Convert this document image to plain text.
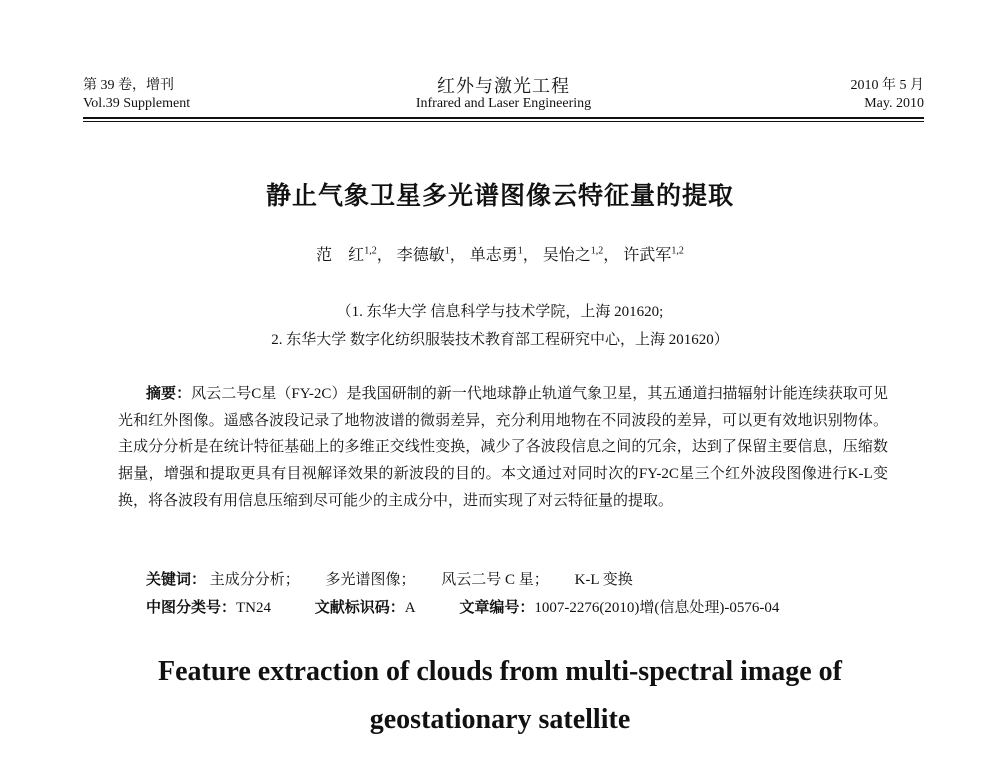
第 39 卷，增刊
Vol.39 Supplement
红外与激光工程
Infrared and Laser Engineering
2010 年 5 月
May. 2010
静止气象卫星多光谱图像云特征量的提取
范　红$^{1,2}$， 李德敏$^1$， 单志勇$^1$， 吴怡之$^{1,2}$， 许武军$^{1,2}$
（1. 东华大学 信息科学与技术学院，上海 201620;
2. 东华大学 数字化纺织服装技术教育部工程研究中心，上海 201620）
摘要：风云二号C星（FY-2C）是我国研制的新一代地球静止轨道气象卫星，其五通道扫描辐射计能连续获取可见光和红外图像。遥感各波段记录了地物波谱的微弱差异，充分利用地物在不同波段的差异，可以更有效地识别物体。主成分分析是在统计特征基础上的多维正交线性变换，减少了各波段信息之间的冗余，达到了保留主要信息，压缩数据量，增强和提取更具有目视解译效果的新波段的目的。本文通过对同时次的FY-2C星三个红外波段图像进行K-L变换，将各波段有用信息压缩到尽可能少的主成分中，进而实现了对云特征量的提取。
关键词： 主成分分析； 多光谱图像； 风云二号 C 星； K-L 变换
中图分类号：TN24	文献标识码：A	文章编号：1007-2276(2010)增(信息处理)-0576-04
Feature extraction of clouds from multi-spectral image of
geostationary satellite
